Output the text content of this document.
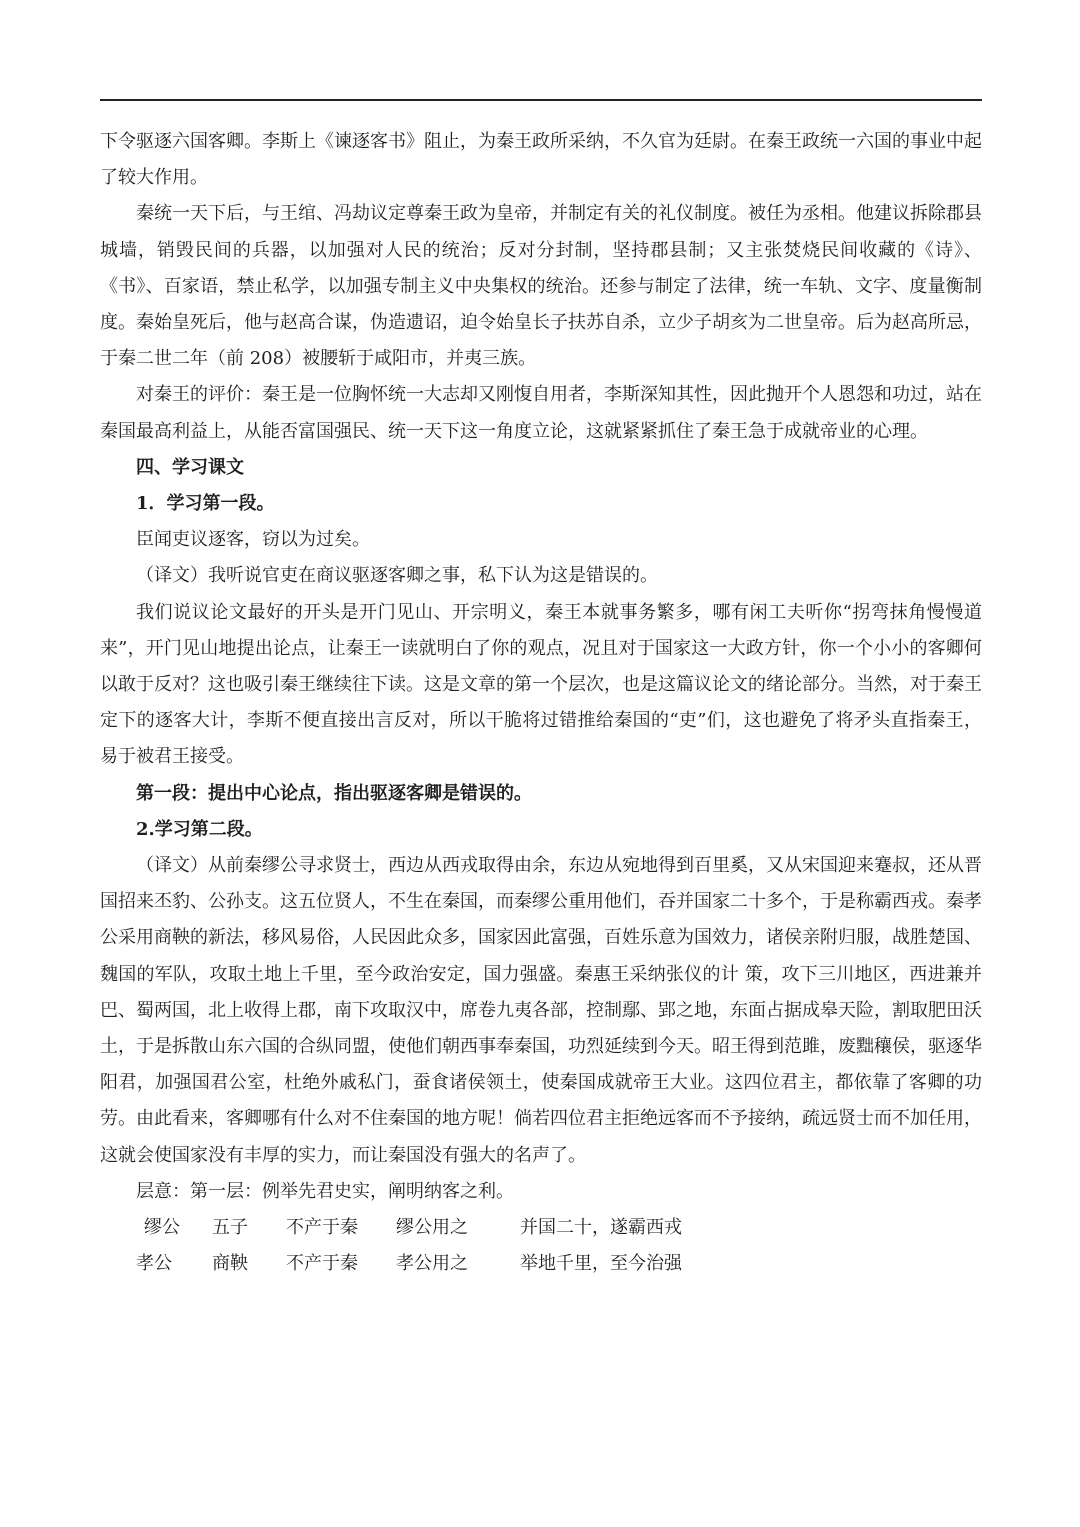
下令驱逐六国客卿。李斯上《谏逐客书》阻止，为秦王政所采纳，不久官为廷尉。在秦王政统一六国的事业中起了较大作用。

秦统一天下后，与王绾、冯劫议定尊秦王政为皇帝，并制定有关的礼仪制度。被任为丞相。他建议拆除郡县城墙，销毁民间的兵器，以加强对人民的统治；反对分封制，坚持郡县制；又主张焚烧民间收藏的《诗》、《书》、百家语，禁止私学，以加强专制主义中央集权的统治。还参与制定了法律，统一车轨、文字、度量衡制度。秦始皇死后，他与赵高合谋，伪造遗诏，迫令始皇长子扶苏自杀，立少子胡亥为二世皇帝。后为赵高所忌，于秦二世二年（前 208）被腰斩于咸阳市，并夷三族。

对秦王的评价：秦王是一位胸怀统一大志却又刚愎自用者，李斯深知其性，因此抛开个人恩怨和功过，站在秦国最高利益上，从能否富国强民、统一天下这一角度立论，这就紧紧抓住了秦王急于成就帝业的心理。

四、学习课文

1．学习第一段。

臣闻吏议逐客，窃以为过矣。

（译文）我听说官吏在商议驱逐客卿之事，私下认为这是错误的。

我们说议论文最好的开头是开门见山、开宗明义，秦王本就事务繁多，哪有闲工夫听你“拐弯抹角慢慢道来”，开门见山地提出论点，让秦王一读就明白了你的观点，况且对于国家这一大政方针，你一个小小的客卿何以敢于反对？这也吸引秦王继续往下读。这是文章的第一个层次，也是这篇议论文的绪论部分。当然，对于秦王定下的逐客大计，李斯不便直接出言反对，所以干脆将过错推给秦国的“吏”们，这也避免了将矛头直指秦王，易于被君王接受。

第一段：提出中心论点，指出驱逐客卿是错误的。

2.学习第二段。

（译文）从前秦缪公寻求贤士，西边从西戎取得由余，东边从宛地得到百里奚，又从宋国迎来蹇叔，还从晋国招来丕豹、公孙支。这五位贤人，不生在秦国，而秦缪公重用他们，吞并国家二十多个，于是称霸西戎。秦孝公采用商鞅的新法，移风易俗，人民因此众多，国家因此富强，百姓乐意为国效力，诸侯亲附归服，战胜楚国、魏国的军队，攻取土地上千里，至今政治安定，国力强盛。秦惠王采纳张仪的计 策，攻下三川地区，西进兼并巴、蜀两国，北上收得上郡，南下攻取汉中，席卷九夷各部，控制鄢、郢之地，东面占据成皋天险，割取肥田沃土，于是拆散山东六国的合纵同盟，使他们朝西事奉秦国，功烈延续到今天。昭王得到范雎，废黜穰侯，驱逐华阳君，加强国君公室，杜绝外戚私门，蚕食诸侯领土，使秦国成就帝王大业。这四位君主，都依靠了客卿的功劳。由此看来，客卿哪有什么对不住秦国的地方呢！倘若四位君主拒绝远客而不予接纳，疏远贤士而不加任用，这就会使国家没有丰厚的实力，而让秦国没有强大的名声了。

层意：第一层：例举先君史实，阐明纳客之利。

缪公	五子	不产于秦	缪公用之	并国二十，遂霸西戎
孝公	商鞅	不产于秦	孝公用之	举地千里，至今治强
